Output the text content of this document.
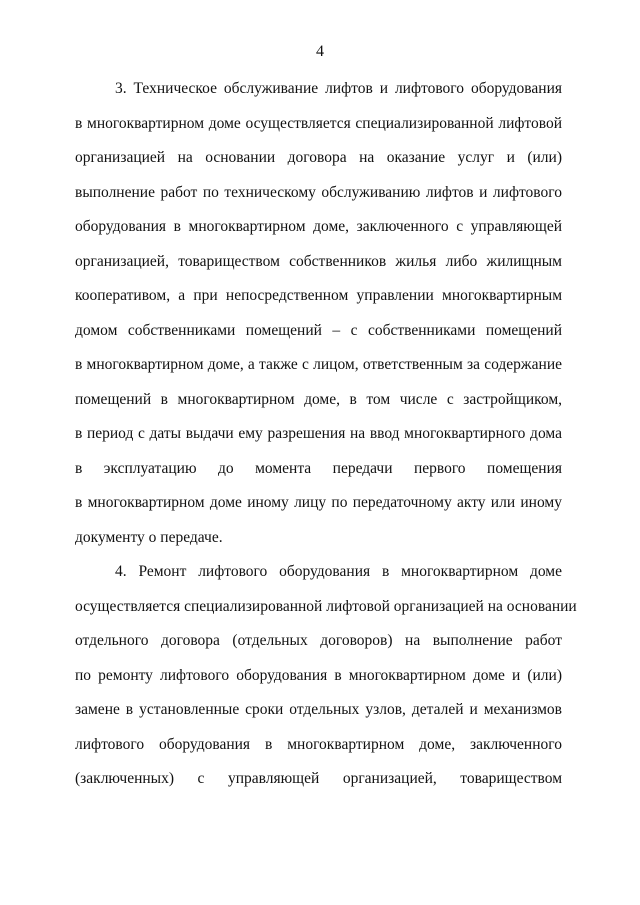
4

3. Техническое обслуживание лифтов и лифтового оборудования
в многоквартирном доме осуществляется специализированной лифтовой
организацией на основании договора на оказание услуг и (или)
выполнение работ по техническому обслуживанию лифтов и лифтового
оборудования в многоквартирном доме, заключенного с управляющей
организацией, товариществом собственников жилья либо жилищным
кооперативом, а при непосредственном управлении многоквартирным
домом собственниками помещений – с собственниками помещений
в многоквартирном доме, а также с лицом, ответственным за содержание
помещений в многоквартирном доме, в том числе с застройщиком,
в период с даты выдачи ему разрешения на ввод многоквартирного дома
в эксплуатацию до момента передачи первого помещения
в многоквартирном доме иному лицу по передаточному акту или иному
документу о передаче.

4. Ремонт лифтового оборудования в многоквартирном доме
осуществляется специализированной лифтовой организацией на основании
отдельного договора (отдельных договоров) на выполнение работ
по ремонту лифтового оборудования в многоквартирном доме и (или)
замене в установленные сроки отдельных узлов, деталей и механизмов
лифтового оборудования в многоквартирном доме, заключенного
(заключенных) с управляющей организацией, товариществом
